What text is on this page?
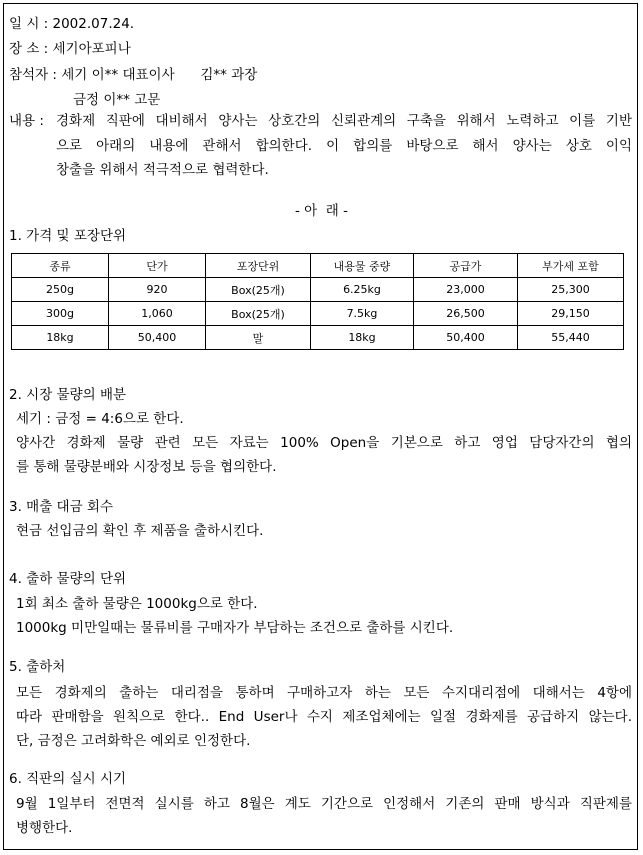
일 시 : 2002.07.24.
장 소 : 세기아포피나
참석자 : 세기 이** 대표이사      김** 과장
금정 이** 고문
내용 : 경화제 직판에 대비해서 양사는 상호간의 신뢰관계의 구축을 위해서 노력하고 이를 기반
으로 아래의 내용에 관해서 합의한다. 이 합의를 바탕으로 해서 양사는 상호 이익
창출을 위해서 적극적으로 협력한다.
- 아  래 -
1. 가격 및 포장단위
종류	단가	포장단위	내용물 중량	공급가	부가세 포함
250g	920	Box(25개)	6.25kg	23,000	25,300
300g	1,060	Box(25개)	7.5kg	26,500	29,150
18kg	50,400	말	18kg	50,400	55,440
2. 시장 물량의 배분
세기 : 금정 = 4:6으로 한다.
양사간 경화제 물량 관련 모든 자료는 100% Open을 기본으로 하고 영업 담당자간의 협의
를 통해 물량분배와 시장정보 등을 협의한다.
3. 매출 대금 회수
현금 선입금의 확인 후 제품을 출하시킨다.
4. 출하 물량의 단위
1회 최소 출하 물량은 1000kg으로 한다.
1000kg 미만일때는 물류비를 구매자가 부담하는 조건으로 출하를 시킨다.
5. 출하처
모든 경화제의 출하는 대리점을 통하며 구매하고자 하는 모든 수지대리점에 대해서는 4항에
따라 판매함을 원칙으로 한다.. End User나 수지 제조업체에는 일절 경화제를 공급하지 않는다.
단, 금정은 고려화학은 예외로 인정한다.
6. 직판의 실시 시기
9월 1일부터 전면적 실시를 하고 8월은 계도 기간으로 인정해서 기존의 판매 방식과 직판제를
병행한다.
